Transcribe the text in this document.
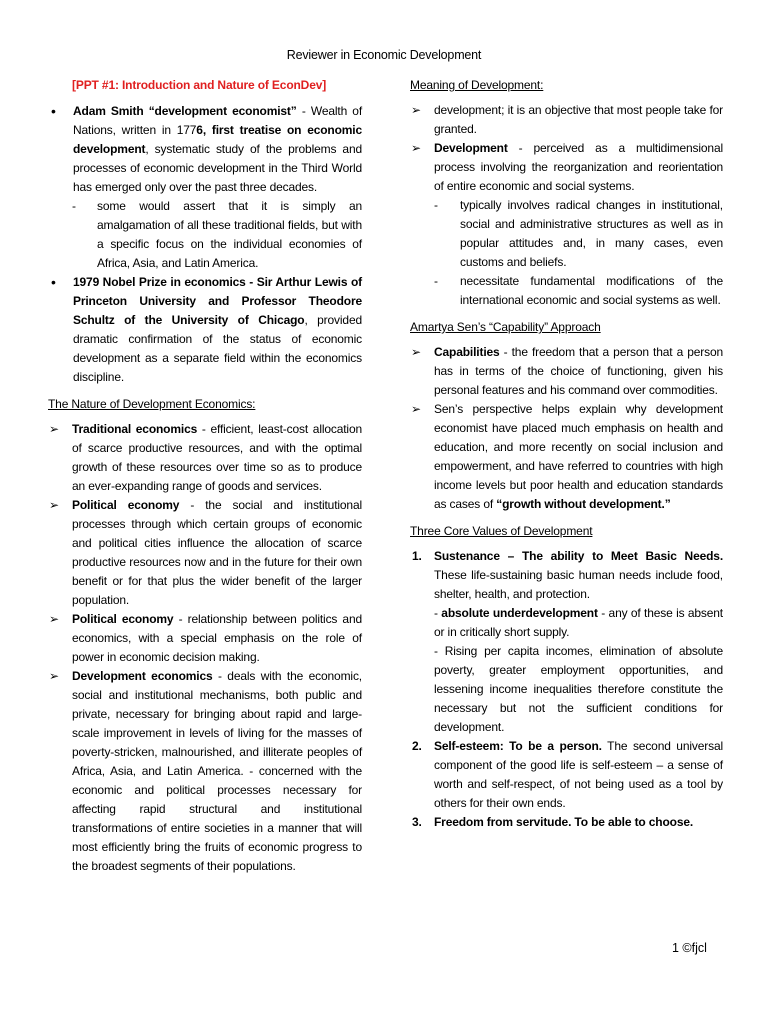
Reviewer in Economic Development
[PPT #1: Introduction and Nature of EconDev]
• Adam Smith “development economist” - Wealth of Nations, written in 1776, first treatise on economic development, systematic study of the problems and processes of economic development in the Third World has emerged only over the past three decades.
- some would assert that it is simply an amalgamation of all these traditional fields, but with a specific focus on the individual economies of Africa, Asia, and Latin America.
• 1979 Nobel Prize in economics - Sir Arthur Lewis of Princeton University and Professor Theodore Schultz of the University of Chicago, provided dramatic confirmation of the status of economic development as a separate field within the economics discipline.
The Nature of Development Economics:
➢ Traditional economics - efficient, least-cost allocation of scarce productive resources, and with the optimal growth of these resources over time so as to produce an ever-expanding range of goods and services.
➢ Political economy - the social and institutional processes through which certain groups of economic and political cities influence the allocation of scarce productive resources now and in the future for their own benefit or for that plus the wider benefit of the larger population.
➢ Political economy - relationship between politics and economics, with a special emphasis on the role of power in economic decision making.
➢ Development economics - deals with the economic, social and institutional mechanisms, both public and private, necessary for bringing about rapid and large-scale improvement in levels of living for the masses of poverty-stricken, malnourished, and illiterate peoples of Africa, Asia, and Latin America. - concerned with the economic and political processes necessary for affecting rapid structural and institutional transformations of entire societies in a manner that will most efficiently bring the fruits of economic progress to the broadest segments of their populations.
Meaning of Development:
➢ development; it is an objective that most people take for granted.
➢ Development - perceived as a multidimensional process involving the reorganization and reorientation of entire economic and social systems.
- typically involves radical changes in institutional, social and administrative structures as well as in popular attitudes and, in many cases, even customs and beliefs.
- necessitate fundamental modifications of the international economic and social systems as well.
Amartya Sen’s “Capability” Approach
➢ Capabilities - the freedom that a person that a person has in terms of the choice of functioning, given his personal features and his command over commodities.
➢ Sen’s perspective helps explain why development economist have placed much emphasis on health and education, and more recently on social inclusion and empowerment, and have referred to countries with high income levels but poor health and education standards as cases of “growth without development.”
Three Core Values of Development
1. Sustenance – The ability to Meet Basic Needs. These life-sustaining basic human needs include food, shelter, health, and protection.
- absolute underdevelopment - any of these is absent or in critically short supply.
- Rising per capita incomes, elimination of absolute poverty, greater employment opportunities, and lessening income inequalities therefore constitute the necessary but not the sufficient conditions for development.
2. Self-esteem: To be a person. The second universal component of the good life is self-esteem – a sense of worth and self-respect, of not being used as a tool by others for their own ends.
3. Freedom from servitude. To be able to choose.
1 ©fjcl
